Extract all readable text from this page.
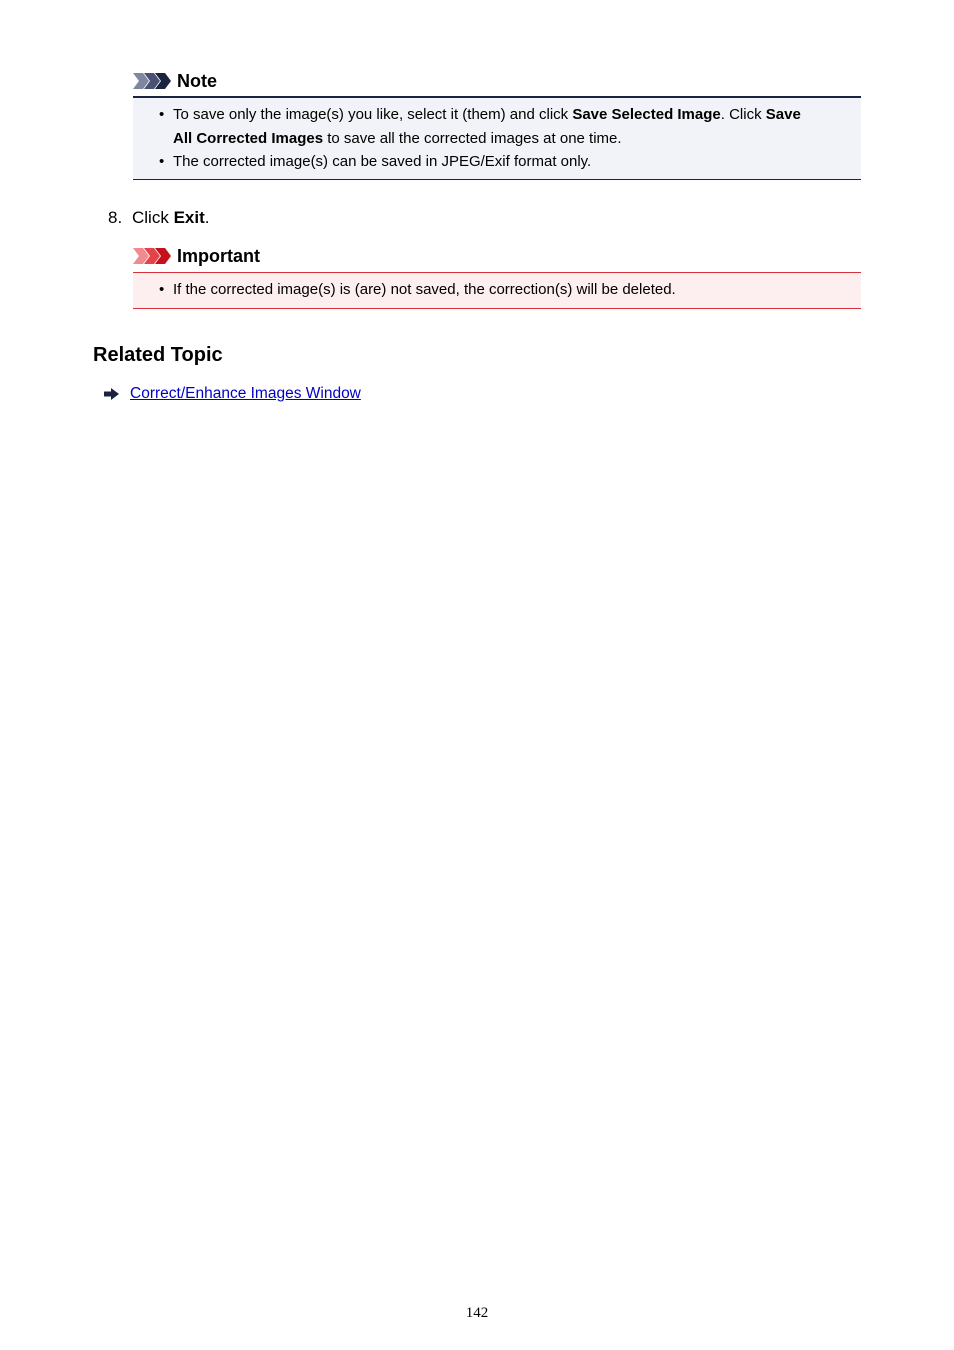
Note
• To save only the image(s) you like, select it (them) and click Save Selected Image. Click Save
All Corrected Images to save all the corrected images at one time.
• The corrected image(s) can be saved in JPEG/Exif format only.
8. Click Exit.
Important
• If the corrected image(s) is (are) not saved, the correction(s) will be deleted.
Related Topic
Correct/Enhance Images Window
142
